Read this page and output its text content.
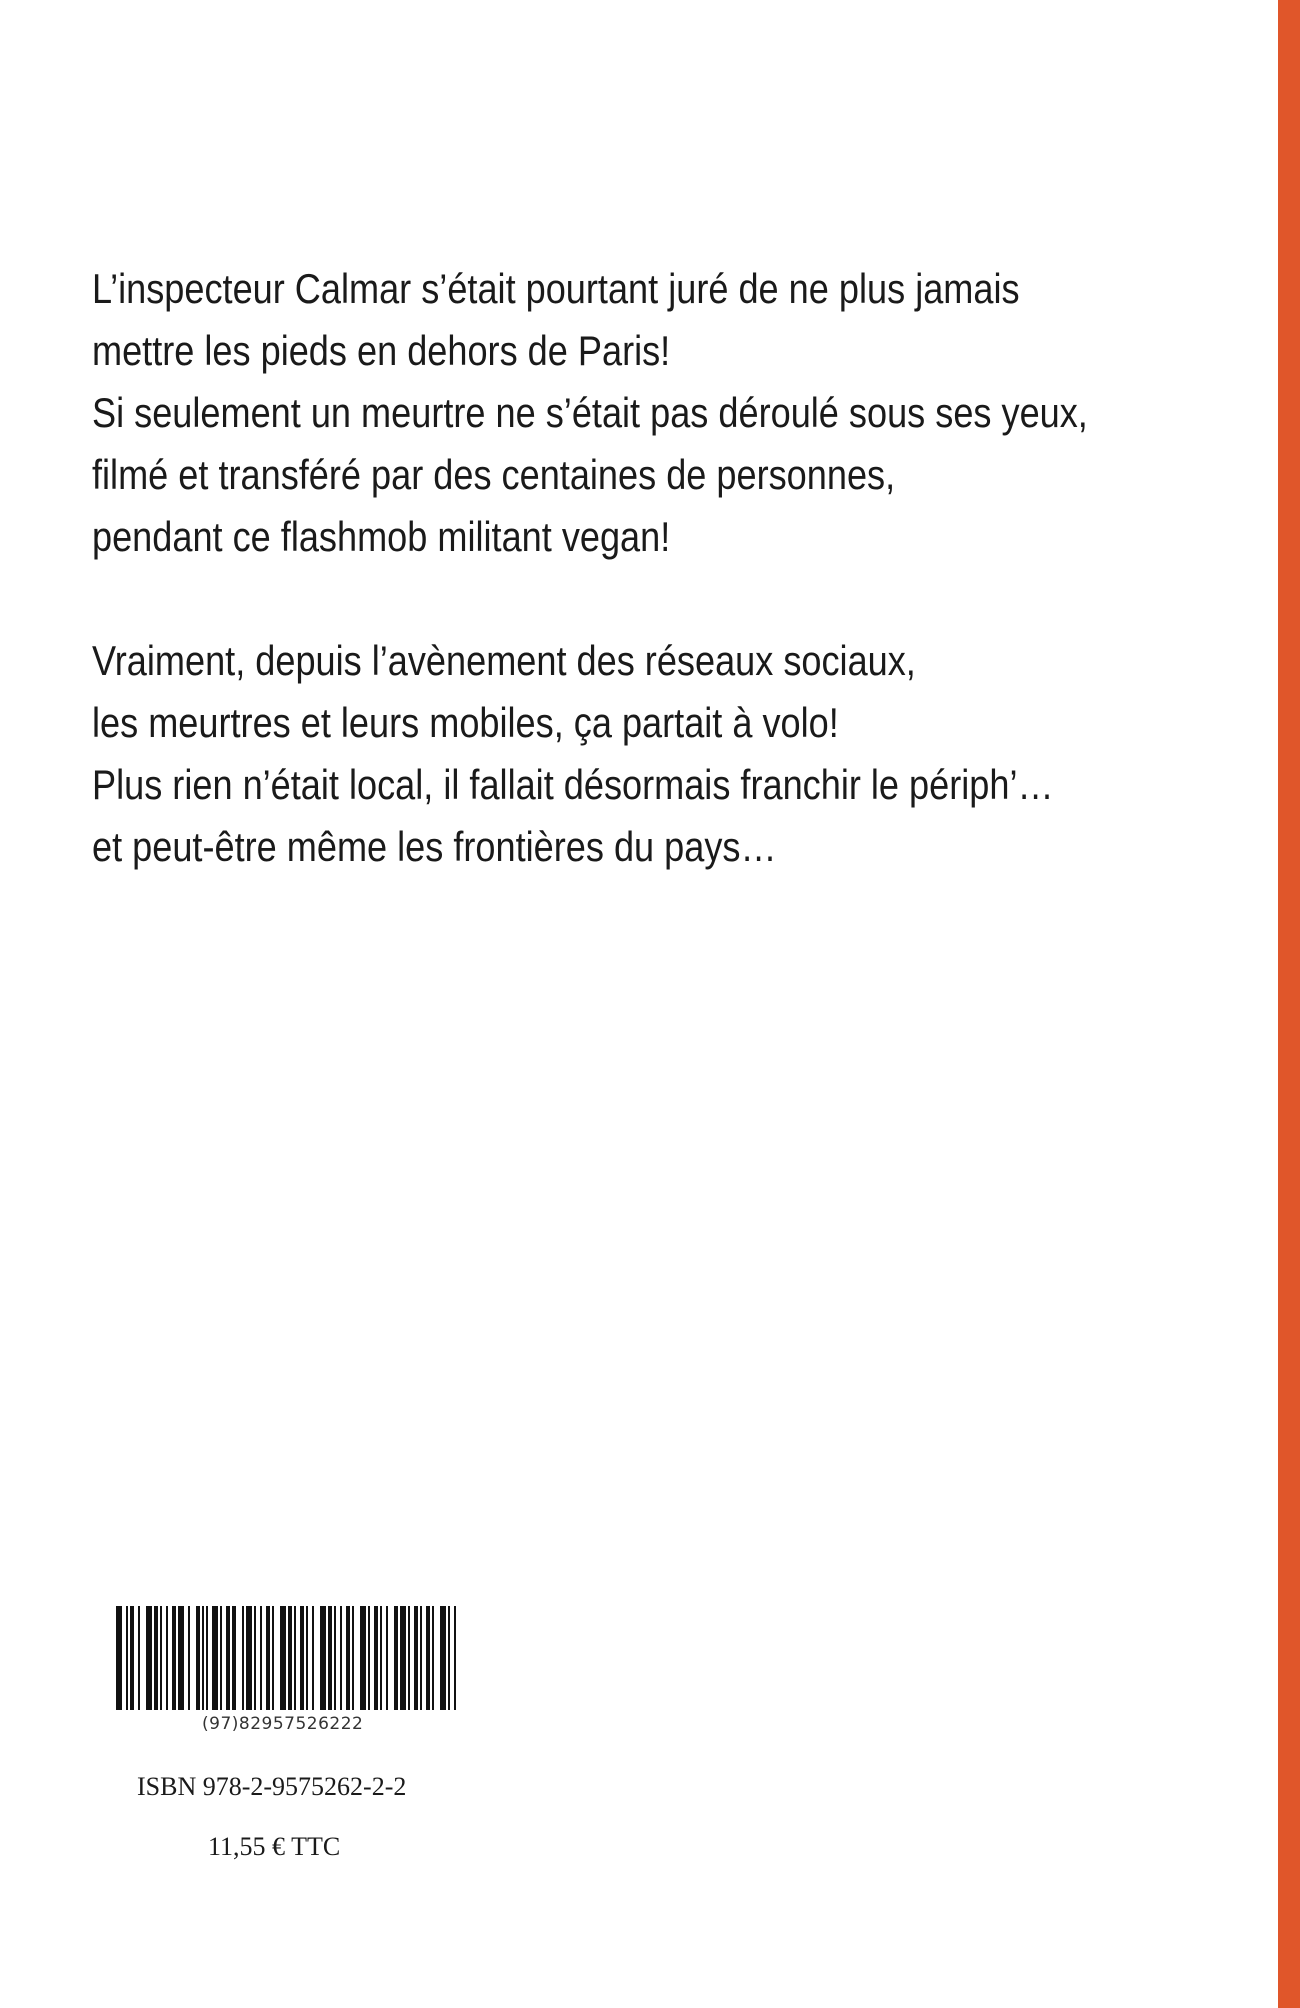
L’inspecteur Calmar s’était pourtant juré de ne plus jamais
mettre les pieds en dehors de Paris!
Si seulement un meurtre ne s’était pas déroulé sous ses yeux,
filmé et transféré par des centaines de personnes,
pendant ce flashmob militant vegan!

Vraiment, depuis l’avènement des réseaux sociaux,
les meurtres et leurs mobiles, ça partait à volo!
Plus rien n’était local, il fallait désormais franchir le périph’…
et peut-être même les frontières du pays…

(97)82957526222
ISBN 978-2-9575262-2-2
11,55 € TTC
